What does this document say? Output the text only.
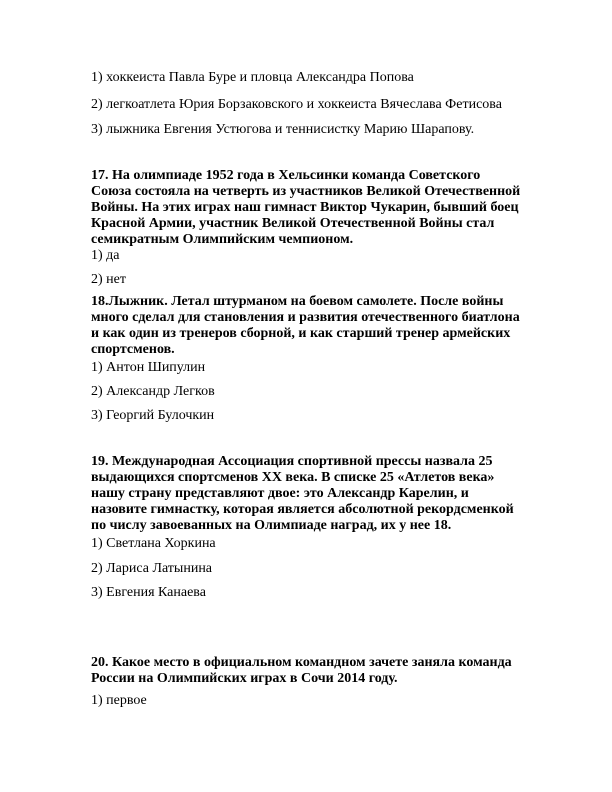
1) хоккеиста Павла Буре и пловца Александра Попова

2) легкоатлета Юрия Борзаковского и хоккеиста Вячеслава Фетисова

3) лыжника Евгения Устюгова и теннисистку Марию Шарапову.

17. На олимпиаде 1952 года в Хельсинки команда Советского
Союза состояла на четверть из участников Великой Отечественной
Войны. На этих играх наш гимнаст Виктор Чукарин, бывший боец
Красной Армии, участник Великой Отечественной Войны стал
семикратным Олимпийским чемпионом.

1) да

2) нет

18.Лыжник. Летал штурманом на боевом самолете. После войны
много сделал для становления и развития отечественного биатлона
и как один из тренеров сборной, и как старший тренер армейских
спортсменов.

1) Антон Шипулин

2) Александр Легков

3) Георгий Булочкин

19. Международная Ассоциация спортивной прессы назвала 25
выдающихся спортсменов XX века. В списке 25 «Атлетов века»
нашу страну представляют двое: это Александр Карелин, и
назовите гимнастку, которая является абсолютной рекордсменкой
по числу завоеванных на Олимпиаде наград, их у нее 18.

1) Светлана Хоркина

2) Лариса Латынина

3) Евгения Канаева

20. Какое место в официальном командном зачете заняла команда
России на Олимпийских играх в Сочи 2014 году.

1) первое
